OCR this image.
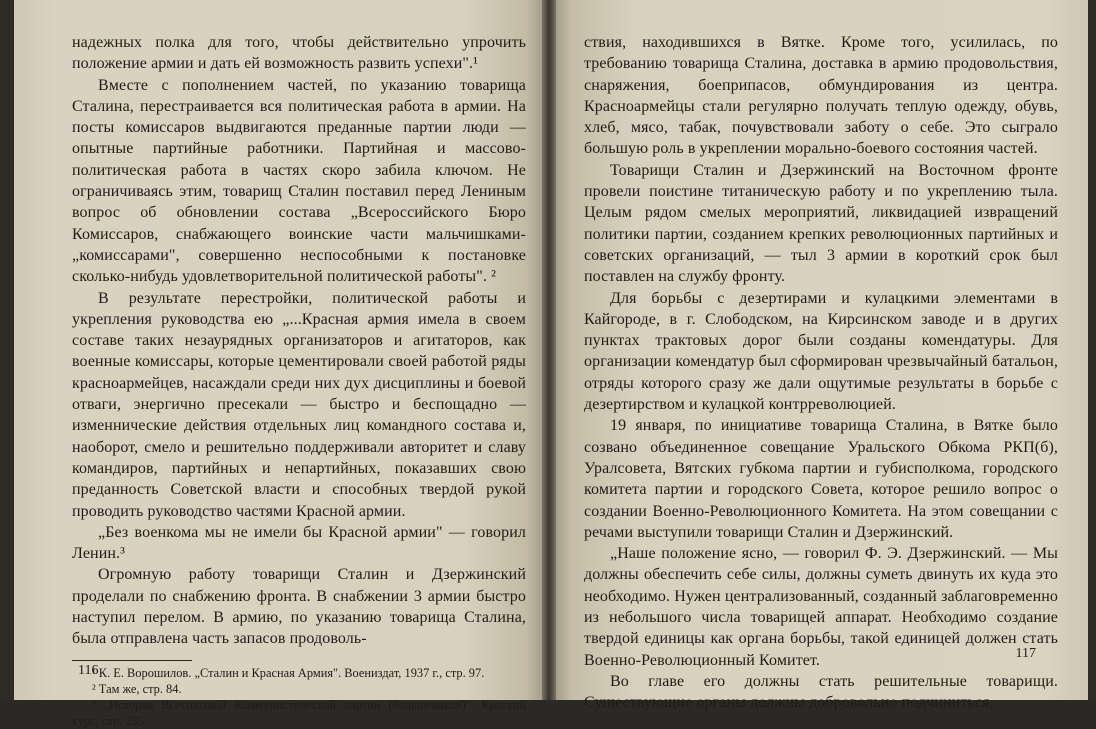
надежных полка для того, чтобы действительно упрочить положение армии и дать ей возможность развить успехи".¹

Вместе с пополнением частей, по указанию товарища Сталина, перестраивается вся политическая работа в армии. На посты комиссаров выдвигаются преданные партии люди — опытные партийные работники. Партийная и массово-политическая работа в частях скоро забила ключом. Не ограничиваясь этим, товарищ Сталин поставил перед Лениным вопрос об обновлении состава „Всероссийского Бюро Комиссаров, снабжающего воинские части мальчишками-„комиссарами", совершенно неспособными к постановке сколько-нибудь удовлетворительной политической работы". ²

В результате перестройки, политической работы и укрепления руководства ею „...Красная армия имела в своем составе таких незаурядных организаторов и агитаторов, как военные комиссары, которые цементировали своей работой ряды красноармейцев, насаждали среди них дух дисциплины и боевой отваги, энергично пресекали — быстро и беспощадно — изменнические действия отдельных лиц командного состава и, наоборот, смело и решительно поддерживали авторитет и славу командиров, партийных и непартийных, показавших свою преданность Советской власти и способных твердой рукой проводить руководство частями Красной армии.

„Без военкома мы не имели бы Красной армии" — говорил Ленин.³

Огромную работу товарищи Сталин и Дзержинский проделали по снабжению фронта. В снабжении 3 армии быстро наступил перелом. В армию, по указанию товарища Сталина, была отправлена часть запасов продоволь-

¹ К. Е. Ворошилов. „Сталин и Красная Армия". Воениздат, 1937 г., стр. 97.

² Там же, стр. 84.

³ „История Всесоюзной Коммунистической партии (большевиков)". Краткий курс, стр. 235.

116

ствия, находившихся в Вятке. Кроме того, усилилась, по требованию товарища Сталина, доставка в армию продовольствия, снаряжения, боеприпасов, обмундирования из центра. Красноармейцы стали регулярно получать теплую одежду, обувь, хлеб, мясо, табак, почувствовали заботу о себе. Это сыграло большую роль в укреплении морально-боевого состояния частей.

Товарищи Сталин и Дзержинский на Восточном фронте провели поистине титаническую работу и по укреплению тыла. Целым рядом смелых мероприятий, ликвидацией извращений политики партии, созданием крепких революционных партийных и советских организаций, — тыл 3 армии в короткий срок был поставлен на службу фронту.

Для борьбы с дезертирами и кулацкими элементами в Кайгороде, в г. Слободском, на Кирсинском заводе и в других пунктах трактовых дорог были созданы комендатуры. Для организации комендатур был сформирован чрезвычайный батальон, отряды которого сразу же дали ощутимые результаты в борьбе с дезертирством и кулацкой контрреволюцией.

19 января, по инициативе товарища Сталина, в Вятке было созвано объединенное совещание Уральского Обкома РКП(б), Уралсовета, Вятских губкома партии и губисполкома, городского комитета партии и городского Совета, которое решило вопрос о создании Военно-Революционного Комитета. На этом совещании с речами выступили товарищи Сталин и Дзержинский.

„Наше положение ясно, — говорил Ф. Э. Дзержинский. — Мы должны обеспечить себе силы, должны суметь двинуть их куда это необходимо. Нужен централизованный, созданный заблаговременно из небольшого числа товарищей аппарат. Необходимо создание твердой единицы как органа борьбы, такой единицей должен стать Военно-Революционный Комитет.

Во главе его должны стать решительные товарищи. Существующие органы должны добровольно подчиниться,

117
